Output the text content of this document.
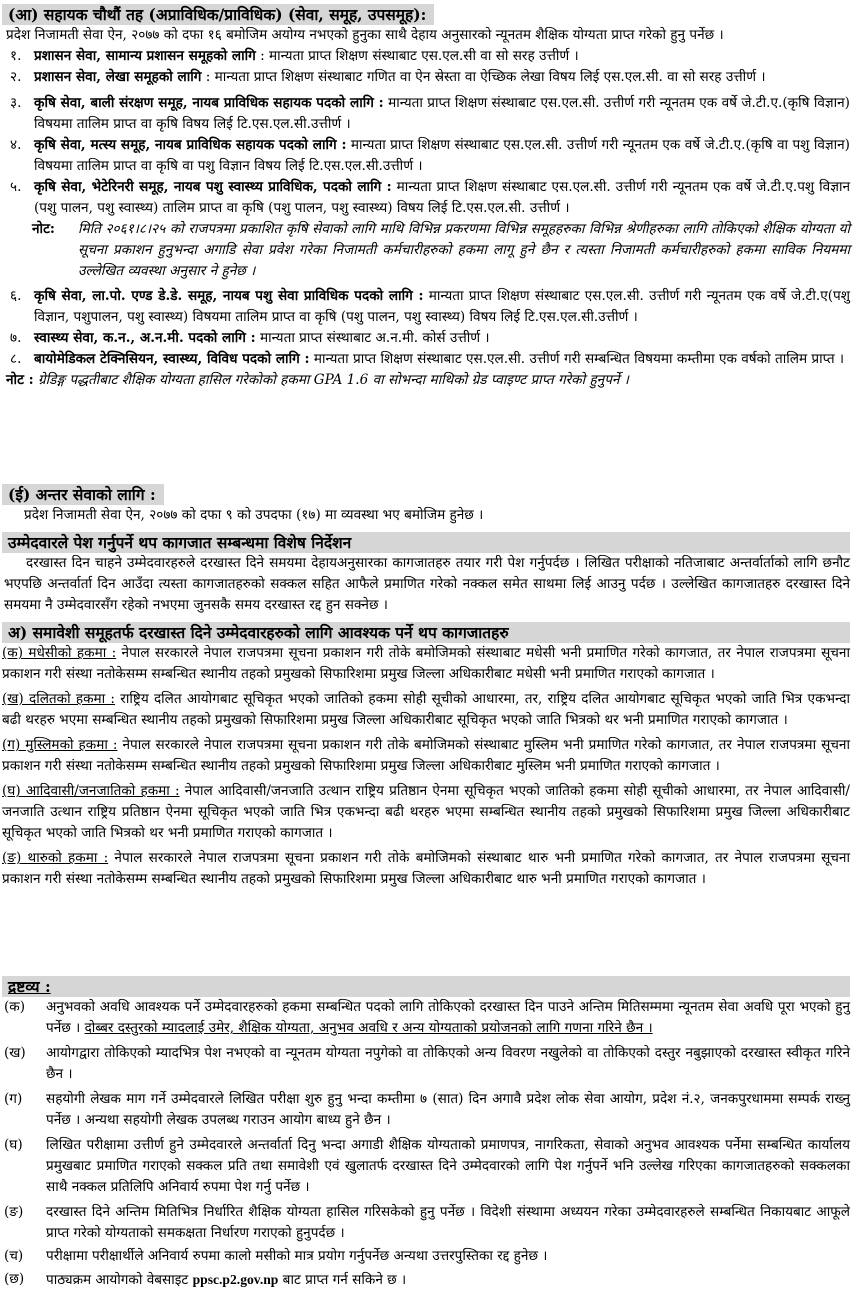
(आ) सहायक चौथौं तह (अप्राविधिक/प्राविधिक) (सेवा, समूह, उपसमूह):
प्रदेश निजामती सेवा ऐन, २०७७ को दफा १६ बमोजिम अयोग्य नभएको हुनुका साथै देहाय अनुसारको न्यूनतम शैक्षिक योग्यता प्राप्त गरेको हुनु पर्नेछ ।
१. प्रशासन सेवा, सामान्य प्रशासन समूहको लागि : मान्यता प्राप्त शिक्षण संस्थाबाट एस.एल.सी वा सो सरह उत्तीर्ण ।
२. प्रशासन सेवा, लेखा समूहको लागि : मान्यता प्राप्त शिक्षण संस्थाबाट गणित वा ऐन स्रेस्ता वा ऐच्छिक लेखा विषय लिई एस.एल.सी. वा सो सरह उत्तीर्ण ।
३. कृषि सेवा, बाली संरक्षण समूह, नायब प्राविधिक सहायक पदको लागि : मान्यता प्राप्त शिक्षण संस्थाबाट एस.एल.सी. उत्तीर्ण गरी न्यूनतम एक वर्षे जे.टी.ए.(कृषि विज्ञान) विषयमा तालिम प्राप्त वा कृषि विषय लिई टि.एस.एल.सी.उत्तीर्ण ।
४. कृषि सेवा, मत्स्य समूह, नायब प्राविधिक सहायक पदको लागि : मान्यता प्राप्त शिक्षण संस्थाबाट एस.एल.सी. उत्तीर्ण गरी न्यूनतम एक वर्षे जे.टी.ए.(कृषि वा पशु विज्ञान) विषयमा तालिम प्राप्त वा कृषि वा पशु विज्ञान विषय लिई टि.एस.एल.सी.उत्तीर्ण ।
५. कृषि सेवा, भेटेरिनरी समूह, नायब पशु स्वास्थ्य प्राविधिक, पदको लागि : मान्यता प्राप्त शिक्षण संस्थाबाट एस.एल.सी. उत्तीर्ण गरी न्यूनतम एक वर्षे जे.टी.ए.पशु विज्ञान (पशु पालन, पशु स्वास्थ्य) तालिम प्राप्त वा कृषि (पशु पालन, पशु स्वास्थ्य) विषय लिई टि.एस.एल.सी. उत्तीर्ण ।
नोट: मिति २०६१।८।२५ को राजपत्रमा प्रकाशित कृषि सेवाको लागि माथि विभिन्न प्रकरणमा विभिन्न समूहहरुका विभिन्न श्रेणीहरुका लागि तोकिएको शैक्षिक योग्यता यो सूचना प्रकाशन हुनुभन्दा अगाडि सेवा प्रवेश गरेका निजामती कर्मचारीहरुको हकमा लागू हुने छैन र त्यस्ता निजामती कर्मचारीहरुको हकमा साविक नियममा उल्लेखित व्यवस्था अनुसार ने हुनेछ ।
६. कृषि सेवा, ला.पो. एण्ड डे.डे. समूह, नायब पशु सेवा प्राविधिक पदको लागि : मान्यता प्राप्त शिक्षण संस्थाबाट एस.एल.सी. उत्तीर्ण गरी न्यूनतम एक वर्षे जे.टी.ए(पशु विज्ञान, पशुपालन, पशु स्वास्थ्य) विषयमा तालिम प्राप्त वा कृषि (पशु पालन, पशु स्वास्थ्य) विषय लिई टि.एस.एल.सी.उत्तीर्ण ।
७. स्वास्थ्य सेवा, क.न., अ.न.मी. पदको लागि : मान्यता प्राप्त संस्थाबाट अ.न.मी. कोर्स उत्तीर्ण ।
८. बायोमेडिकल टेक्निसियन, स्वास्थ्य, विविध पदको लागि : मान्यता प्राप्त शिक्षण संस्थाबाट एस.एल.सी. उत्तीर्ण गरी सम्बन्धित विषयमा कम्तीमा एक वर्षको तालिम प्राप्त ।
नोट : ग्रेडिङ्ग पद्धतीबाट शैक्षिक योग्यता हासिल गरेकोको हकमा GPA 1.6 वा सोभन्दा माथिको ग्रेड प्वाइण्ट प्राप्त गरेको हुनुपर्ने ।
(ई) अन्तर सेवाको लागि :
प्रदेश निजामती सेवा ऐन, २०७७ को दफा ९ को उपदफा (१७) मा व्यवस्था भए बमोजिम हुनेछ ।
उम्मेदवारले पेश गर्नुपर्ने थप कागजात सम्बन्धमा विशेष निर्देशन
दरखास्त दिन चाहने उम्मेदवारहरुले दरखास्त दिने समयमा देहायअनुसारका कागजातहरु तयार गरी पेश गर्नुपर्दछ । लिखित परीक्षाको नतिजाबाट अन्तर्वार्ताको लागि छनौट भएपछि अन्तर्वार्ता दिन आउँदा त्यस्ता कागजातहरुको सक्कल सहित आफैले प्रमाणित गरेको नक्कल समेत साथमा लिई आउनु पर्दछ । उल्लेखित कागजातहरु दरखास्त दिने समयमा नै उम्मेदवारसँग रहेको नभएमा जुनसकै समय दरखास्त रद्द हुन सक्नेछ ।
अ) समावेशी समूहतर्फ दरखास्त दिने उम्मेदवारहरुको लागि आवश्यक पर्ने थप कागजातहरु
(क) मधेसीको हकमा : नेपाल सरकारले नेपाल राजपत्रमा सूचना प्रकाशन गरी तोके बमोजिमको संस्थाबाट मधेसी भनी प्रमाणित गरेको कागजात, तर नेपाल राजपत्रमा सूचना प्रकाशन गरी संस्था नतोकेसम्म सम्बन्धित स्थानीय तहको प्रमुखको सिफारिशमा प्रमुख जिल्ला अधिकारीबाट मधेसी भनी प्रमाणित गराएको कागजात ।
(ख) दलितको हकमा : राष्ट्रिय दलित आयोगबाट सूचिकृत भएको जातिको हकमा सोही सूचीको आधारमा, तर, राष्ट्रिय दलित आयोगबाट सूचिकृत भएको जाति भित्र एकभन्दा बढी थरहरु भएमा सम्बन्धित स्थानीय तहको प्रमुखको सिफारिशमा प्रमुख जिल्ला अधिकारीबाट सूचिकृत भएको जाति भित्रको थर भनी प्रमाणित गराएको कागजात ।
(ग) मुस्लिमको हकमा : नेपाल सरकारले नेपाल राजपत्रमा सूचना प्रकाशन गरी तोके बमोजिमको संस्थाबाट मुस्लिम भनी प्रमाणित गरेको कागजात, तर नेपाल राजपत्रमा सूचना प्रकाशन गरी संस्था नतोकेसम्म सम्बन्धित स्थानीय तहको प्रमुखको सिफारिशमा प्रमुख जिल्ला अधिकारीबाट मुस्लिम भनी प्रमाणित गराएको कागजात ।
(घ) आदिवासी/जनजातिको हकमा : नेपाल आदिवासी/जनजाति उत्थान राष्ट्रिय प्रतिष्ठान ऐनमा सूचिकृत भएको जातिको हकमा सोही सूचीको आधारमा, तर नेपाल आदिवासी/जनजाति उत्थान राष्ट्रिय प्रतिष्ठान ऐनमा सूचिकृत भएको जाति भित्र एकभन्दा बढी थरहरु भएमा सम्बन्धित स्थानीय तहको प्रमुखको सिफारिशमा प्रमुख जिल्ला अधिकारीबाट सूचिकृत भएको जाति भित्रको थर भनी प्रमाणित गराएको कागजात ।
(ङ) थारुको हकमा : नेपाल सरकारले नेपाल राजपत्रमा सूचना प्रकाशन गरी तोके बमोजिमको संस्थाबाट थारु भनी प्रमाणित गरेको कागजात, तर नेपाल राजपत्रमा सूचना प्रकाशन गरी संस्था नतोकेसम्म सम्बन्धित स्थानीय तहको प्रमुखको सिफारिशमा प्रमुख जिल्ला अधिकारीबाट थारु भनी प्रमाणित गराएको कागजात ।
द्रष्टव्य :
(क) अनुभवको अवधि आवश्यक पर्ने उम्मेदवारहरुको हकमा सम्बन्धित पदको लागि तोकिएको दरखास्त दिन पाउने अन्तिम मितिसम्ममा न्यूनतम सेवा अवधि पूरा भएको हुनु पर्नेछ । दोब्बर दस्तुरको म्यादलाई उमेर, शैक्षिक योग्यता, अनुभव अवधि र अन्य योग्यताको प्रयोजनको लागि गणना गरिने छैन ।
(ख) आयोगद्वारा तोकिएको म्यादभित्र पेश नभएको वा न्यूनतम योग्यता नपुगेको वा तोकिएको अन्य विवरण नखुलेको वा तोकिएको दस्तुर नबुझाएको दरखास्त स्वीकृत गरिने छैन ।
(ग) सहयोगी लेखक माग गर्ने उम्मेदवारले लिखित परीक्षा शुरु हुनु भन्दा कम्तीमा ७ (सात) दिन अगावै प्रदेश लोक सेवा आयोग, प्रदेश नं.२, जनकपुरधाममा सम्पर्क राख्नु पर्नेछ । अन्यथा सहयोगी लेखक उपलब्ध गराउन आयोग बाध्य हुने छैन ।
(घ) लिखित परीक्षामा उत्तीर्ण हुने उम्मेदवारले अन्तर्वार्ता दिनु भन्दा अगाडी शैक्षिक योग्यताको प्रमाणपत्र, नागरिकता, सेवाको अनुभव आवश्यक पर्नेमा सम्बन्धित कार्यालय प्रमुखबाट प्रमाणित गराएको सक्कल प्रति तथा समावेशी एवं खुलातर्फ दरखास्त दिने उम्मेदवारको लागि पेश गर्नुपर्ने भनि उल्लेख गरिएका कागजातहरुको सक्कलका साथै नक्कल प्रतिलिपि अनिवार्य रुपमा पेश गर्नु पर्नेछ ।
(ङ) दरखास्त दिने अन्तिम मितिभित्र निर्धारित शैक्षिक योग्यता हासिल गरिसकेको हुनु पर्नेछ । विदेशी संस्थामा अध्ययन गरेका उम्मेदवारहरुले सम्बन्धित निकायबाट आफूले प्राप्त गरेको योग्यताको समकक्षता निर्धारण गराएको हुनुपर्दछ ।
(च) परीक्षामा परीक्षार्थीले अनिवार्य रुपमा कालो मसीको मात्र प्रयोग गर्नुपर्नेछ अन्यथा उत्तरपुस्तिका रद्द हुनेछ ।
(छ) पाठ्यक्रम आयोगको वेबसाइट ppsc.p2.gov.np बाट प्राप्त गर्न सकिने छ ।
